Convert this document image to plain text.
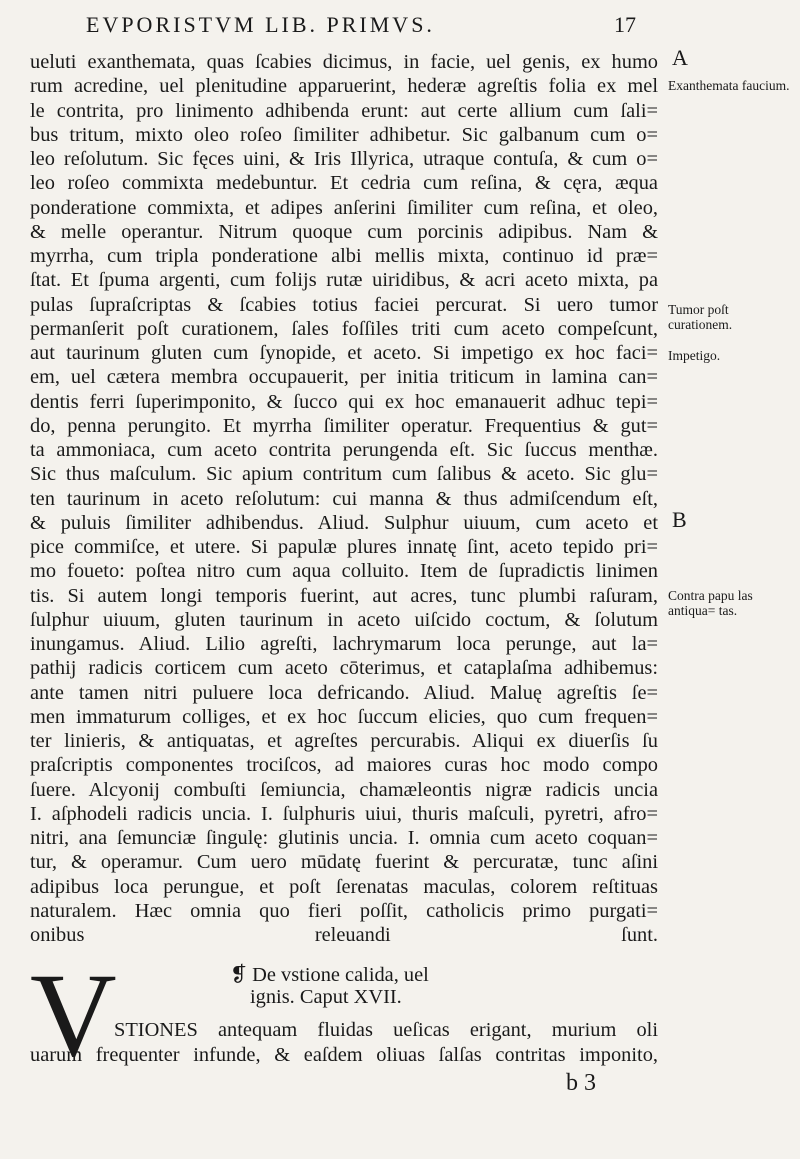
EVPORISTVM LIB. PRIMVS.	17
ueluti exanthemata, quas ſcabies dicimus, in facie, uel genis, ex humo
rum acredine, uel plenitudine apparuerint, hederæ agreſtis folia ex mel
le contrita, pro linimento adhibenda erunt: aut certe allium cum ſali=
bus tritum, mixto oleo roſeo ſimiliter adhibetur. Sic galbanum cum o=
leo reſolutum. Sic fęces uini, & Iris Illyrica, utraque contuſa, & cum o=
leo roſeo commixta medebuntur. Et cedria cum reſina, & cęra, æqua
ponderatione commixta, et adipes anſerini ſimiliter cum reſina, et oleo,
& melle operantur. Nitrum quoque cum porcinis adipibus. Nam &
myrrha, cum tripla ponderatione albi mellis mixta, continuo id præ=
ſtat. Et ſpuma argenti, cum folijs rutæ uiridibus, & acri aceto mixta, pa
pulas ſupraſcriptas & ſcabies totius faciei percurat. Si uero tumor
permanſerit poſt curationem, ſales foſſiles triti cum aceto compeſcunt,
aut taurinum gluten cum ſynopide, et aceto. Si impetigo ex hoc faci=
em, uel cætera membra occupauerit, per initia triticum in lamina can=
dentis ferri ſuperimponito, & ſucco qui ex hoc emanauerit adhuc tepi=
do, penna perungito. Et myrrha ſimiliter operatur. Frequentius & gut=
ta ammoniaca, cum aceto contrita perungenda eſt. Sic ſuccus menthæ.
Sic thus maſculum. Sic apium contritum cum ſalibus & aceto. Sic glu=
ten taurinum in aceto reſolutum: cui manna & thus admiſcendum eſt,
& puluis ſimiliter adhibendus. Aliud. Sulphur uiuum, cum aceto et
pice commiſce, et utere. Si papulæ plures innatę ſint, aceto tepido pri=
mo foueto: poſtea nitro cum aqua colluito. Item de ſupradictis linimen
tis. Si autem longi temporis fuerint, aut acres, tunc plumbi raſuram,
ſulphur uiuum, gluten taurinum in aceto uiſcido coctum, & ſolutum
inungamus. Aliud. Lilio agreſti, lachrymarum loca perunge, aut la=
pathij radicis corticem cum aceto cōterimus, et cataplaſma adhibemus:
ante tamen nitri puluere loca defricando. Aliud. Maluę agreſtis ſe=
men immaturum colliges, et ex hoc ſuccum elicies, quo cum frequen=
ter linieris, & antiquatas, et agreſtes percurabis. Aliqui ex diuerſis ſu
praſcriptis componentes trociſcos, ad maiores curas hoc modo compo
ſuere. Alcyonij combuſti ſemiuncia, chamæleontis nigræ radicis uncia
I. aſphodeli radicis uncia. I. ſulphuris uiui, thuris maſculi, pyretri, afro=
nitri, ana ſemunciæ ſingulę: glutinis uncia. I. omnia cum aceto coquan=
tur, & operamur. Cum uero mūdatę fuerint & percuratæ, tunc aſini
adipibus loca perungue, et poſt ſerenatas maculas, colorem reſtituas
naturalem. Hæc omnia quo fieri poſſit, catholicis primo purgati=
onibus releuandi ſunt.
A
Exanthemata faucium.
Tumor poſt curationem.
Impetigo.
B
Contra papu las antiqua= tas.
V	❡ De vstione calida, uel
ignis. Caput XVII.
STIONES antequam fluidas ueſicas erigant, murium oli
uarum frequenter infunde, & eaſdem oliuas ſalſas contritas imponito,
b 3
